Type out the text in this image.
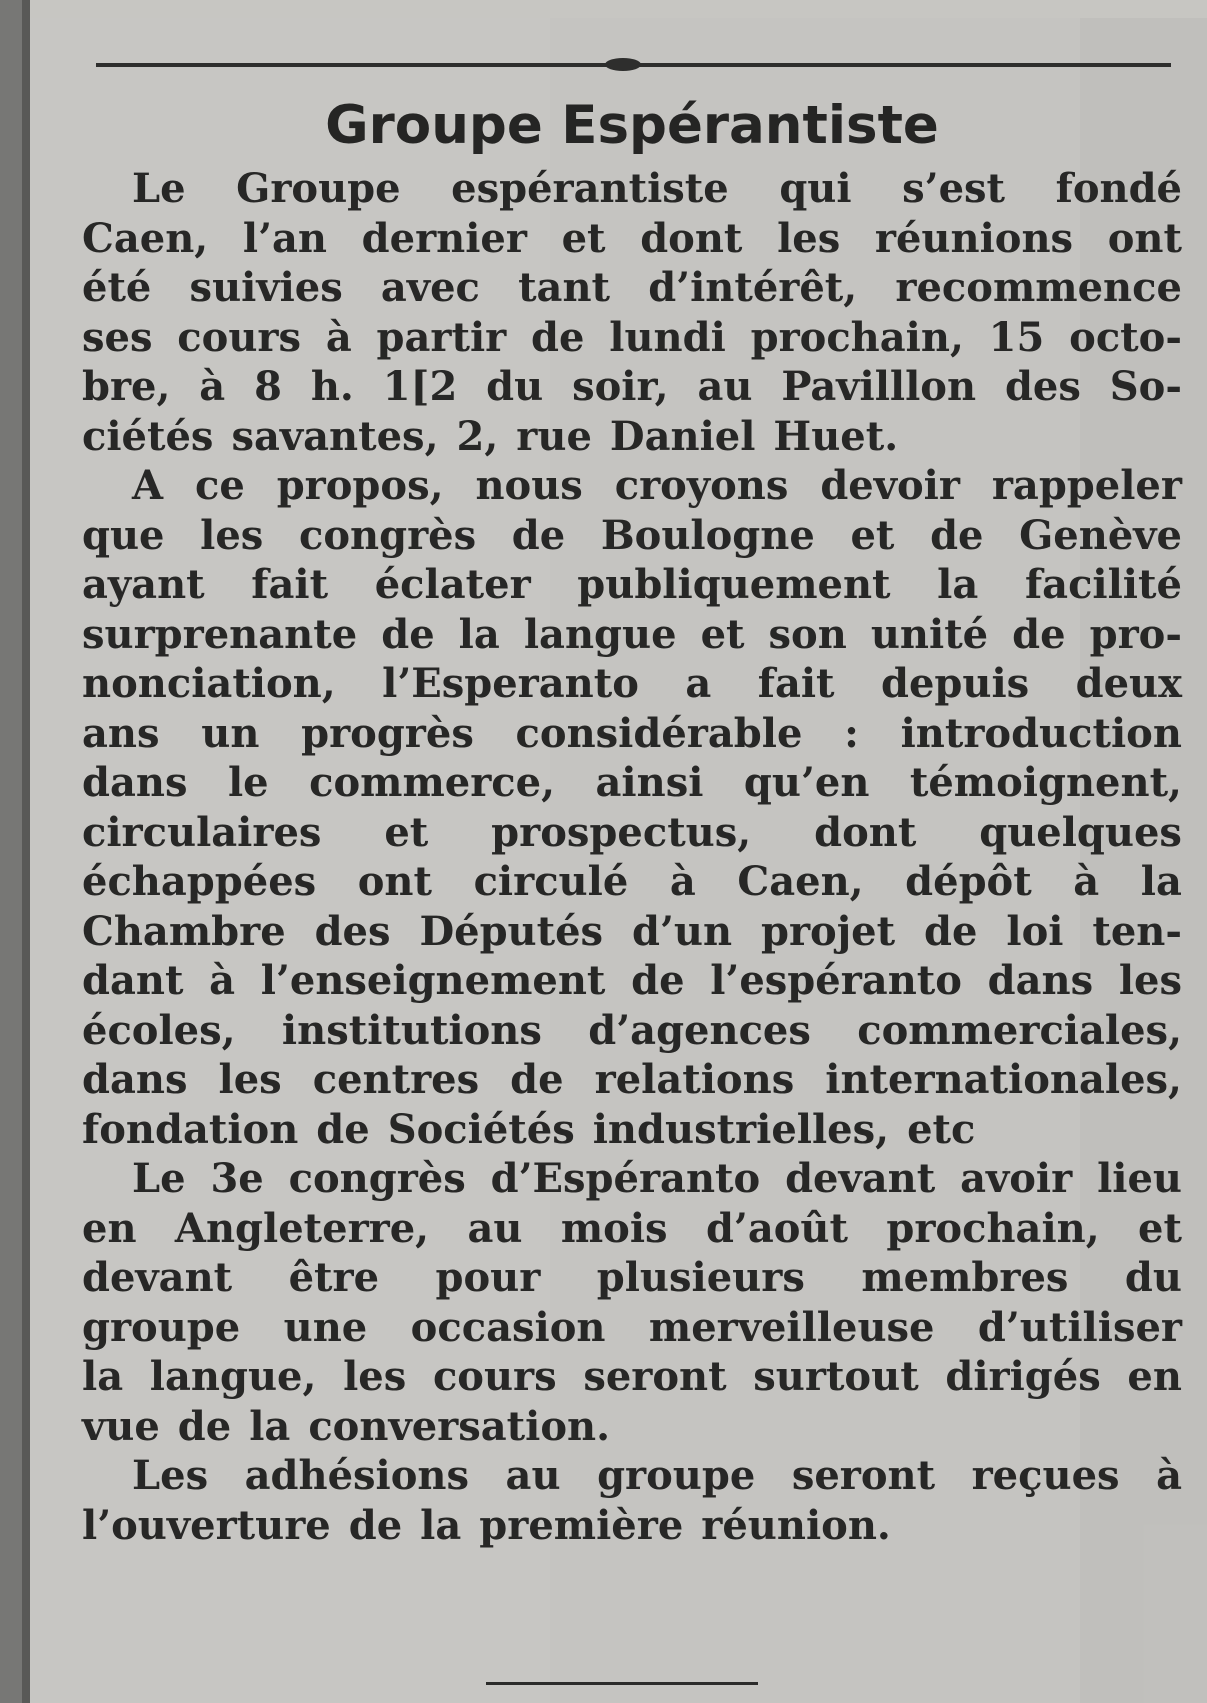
Groupe Espérantiste
Le Groupe espérantiste qui s’est fondé
Caen, l’an dernier et dont les réunions ont
été suivies avec tant d’intérêt, recommence
ses cours à partir de lundi prochain, 15 octo-
bre, à 8 h. 1[2 du soir, au Pavilllon des So-
ciétés savantes, 2, rue Daniel Huet.
A ce propos, nous croyons devoir rappeler
que les congrès de Boulogne et de Genève
ayant fait éclater publiquement la facilité
surprenante de la langue et son unité de pro-
nonciation, l’Esperanto a fait depuis deux
ans un progrès considérable : introduction
dans le commerce, ainsi qu’en témoignent,
circulaires et prospectus, dont quelques
échappées ont circulé à Caen, dépôt à la
Chambre des Députés d’un projet de loi ten-
dant à l’enseignement de l’espéranto dans les
écoles, institutions d’agences commerciales,
dans les centres de relations internationales,
fondation de Sociétés industrielles, etc
Le 3e congrès d’Espéranto devant avoir lieu
en Angleterre, au mois d’août prochain, et
devant être pour plusieurs membres du
groupe une occasion merveilleuse d’utiliser
la langue, les cours seront surtout dirigés en
vue de la conversation.
Les adhésions au groupe seront reçues à
l’ouverture de la première réunion.
